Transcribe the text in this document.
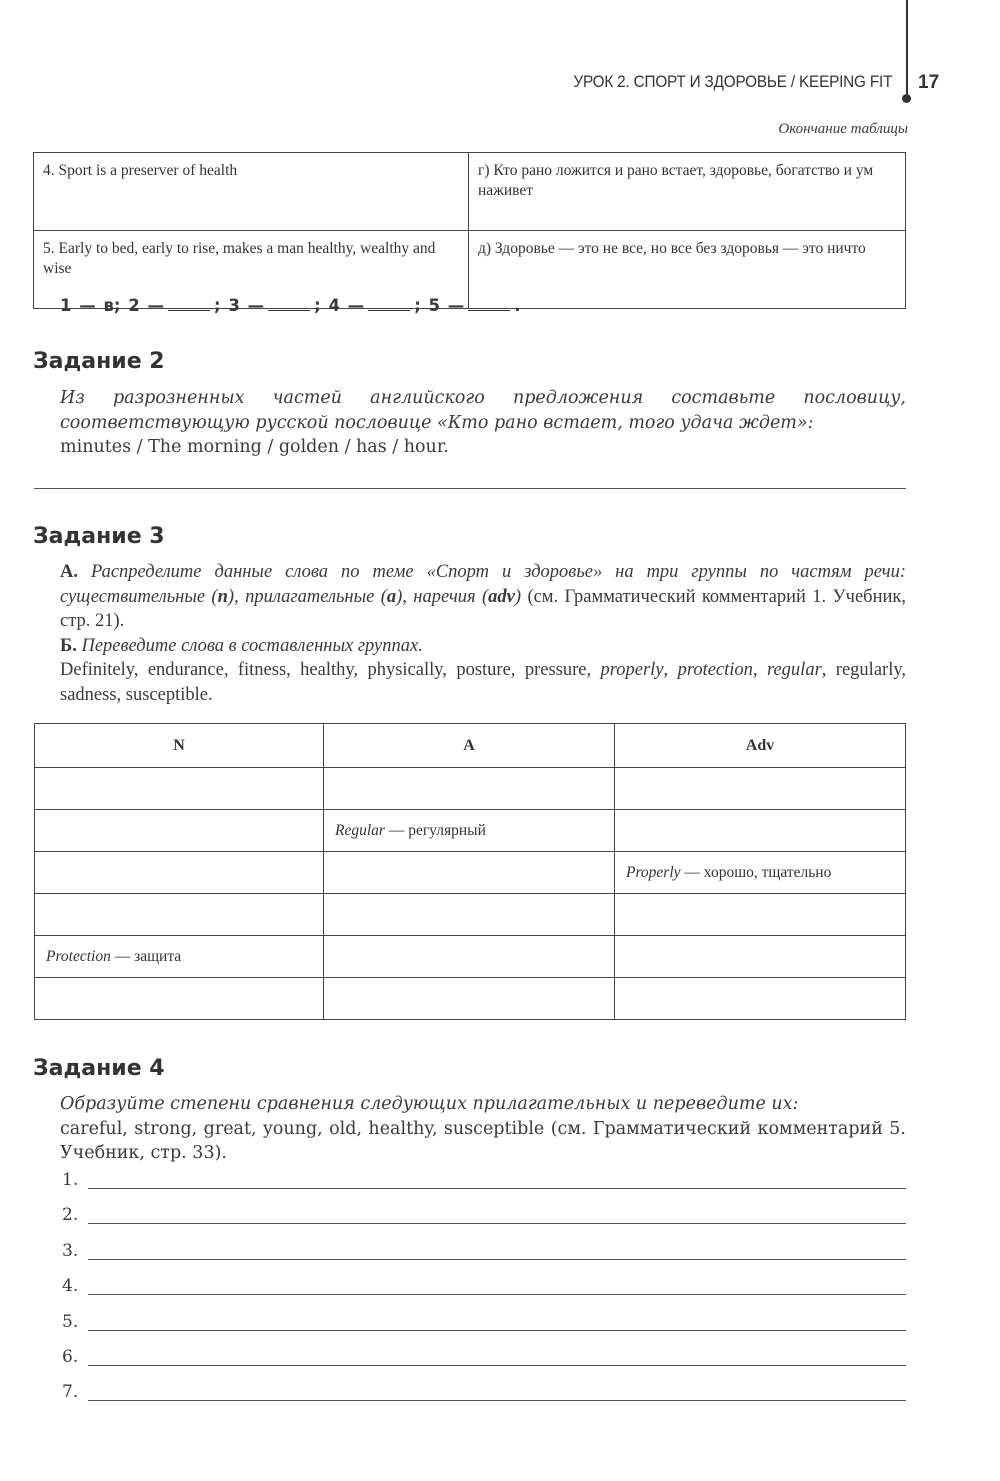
УРОК 2. СПОРТ И ЗДОРОВЬЕ / KEEPING FIT 17
Окончание таблицы
4. Sport is a preserver of health	г) Кто рано ложится и рано встает, здоровье, богатство и ум наживет
5. Early to bed, early to rise, makes a man healthy, wealthy and wise	д) Здоровье — это не все, но все без здоровья — это ничто
1 — в; 2 —	; 3 —	; 4 —	; 5 —	.
Задание 2
Из разрозненных частей английского предложения составьте пословицу, соответствующую русской пословице «Кто рано встает, того удача ждет»:
minutes / The morning / golden / has / hour.
Задание 3
А. Распределите данные слова по теме «Спорт и здоровье» на три группы по частям речи: существительные (n), прилагательные (a), наречия (adv) (см. Грамматический комментарий 1. Учебник, стр. 21).
Б. Переведите слова в составленных группах.
Definitely, endurance, fitness, healthy, physically, posture, pressure, properly, protection, regular, regularly, sadness, susceptible.
N	A	Adv

	Regular — регулярный	
		Properly — хорошо, тщательно

Protection — защита		

Задание 4
Образуйте степени сравнения следующих прилагательных и переведите их:
careful, strong, great, young, old, healthy, susceptible (см. Грамматический комментарий 5. Учебник, стр. 33).
1.
2.
3.
4.
5.
6.
7.
